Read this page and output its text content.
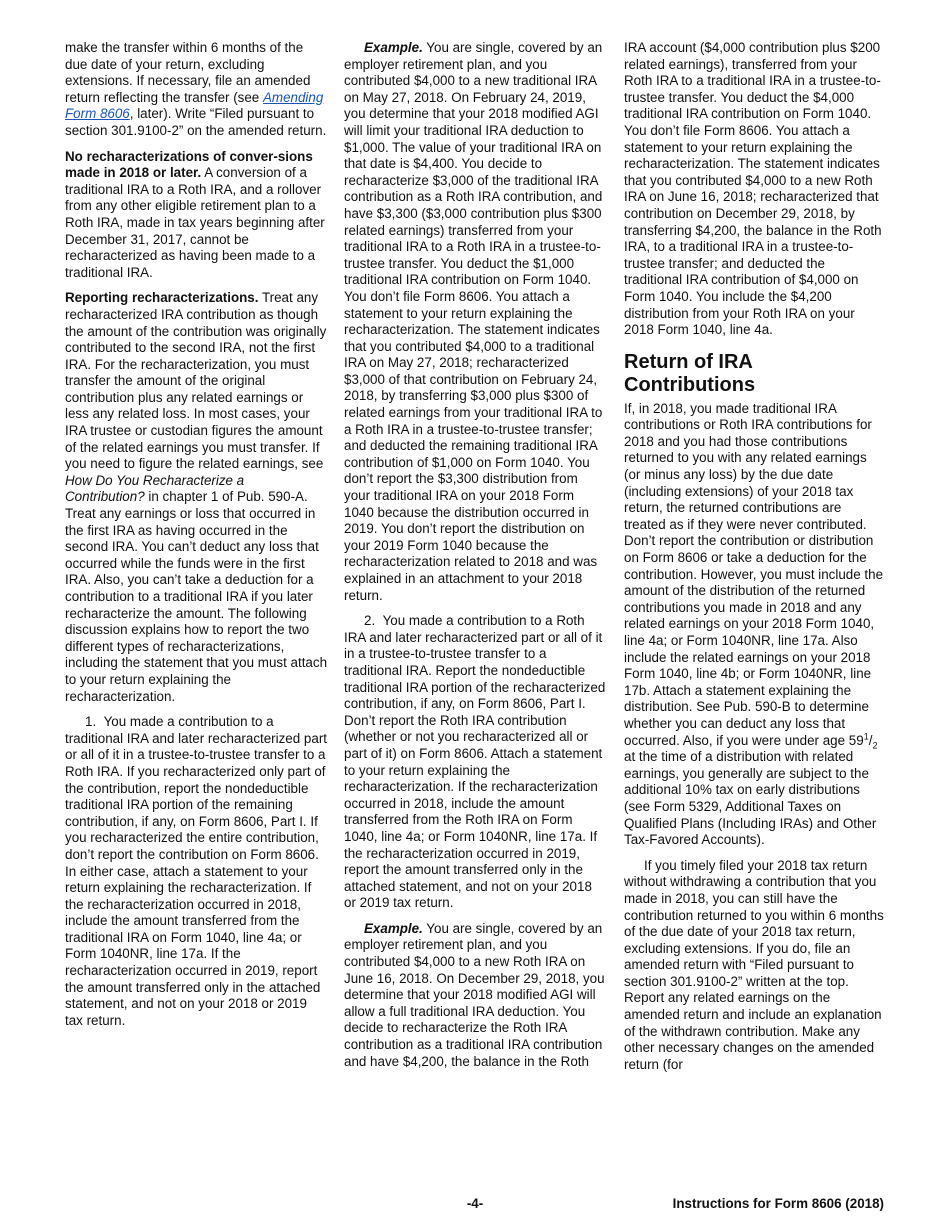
make the transfer within 6 months of the due date of your return, excluding extensions. If necessary, file an amended return reflecting the transfer (see Amending Form 8606, later). Write “Filed pursuant to section 301.9100-2” on the amended return.

No recharacterizations of conver-sions made in 2018 or later. A conversion of a traditional IRA to a Roth IRA, and a rollover from any other eligible retirement plan to a Roth IRA, made in tax years beginning after December 31, 2017, cannot be recharacterized as having been made to a traditional IRA.

Reporting recharacterizations. Treat any recharacterized IRA contribution as though the amount of the contribution was originally contributed to the second IRA, not the first IRA. For the recharacterization, you must transfer the amount of the original contribution plus any related earnings or less any related loss. In most cases, your IRA trustee or custodian figures the amount of the related earnings you must transfer. If you need to figure the related earnings, see How Do You Recharacterize a Contribution? in chapter 1 of Pub. 590-A. Treat any earnings or loss that occurred in the first IRA as having occurred in the second IRA. You can’t deduct any loss that occurred while the funds were in the first IRA. Also, you can’t take a deduction for a contribution to a traditional IRA if you later recharacterize the amount. The following discussion explains how to report the two different types of recharacterizations, including the statement that you must attach to your return explaining the recharacterization.

1.  You made a contribution to a traditional IRA and later recharacterized part or all of it in a trustee-to-trustee transfer to a Roth IRA. If you recharacterized only part of the contribution, report the nondeductible traditional IRA portion of the remaining contribution, if any, on Form 8606, Part I. If you recharacterized the entire contribution, don’t report the contribution on Form 8606. In either case, attach a statement to your return explaining the recharacterization. If the recharacterization occurred in 2018, include the amount transferred from the traditional IRA on Form 1040, line 4a; or Form 1040NR, line 17a. If the recharacterization occurred in 2019, report the amount transferred only in the attached statement, and not on your 2018 or 2019 tax return.

Example. You are single, covered by an employer retirement plan, and you contributed $4,000 to a new traditional IRA on May 27, 2018. On February 24, 2019, you determine that your 2018 modified AGI will limit your traditional IRA deduction to $1,000. The value of your traditional IRA on that date is $4,400. You decide to recharacterize $3,000 of the traditional IRA contribution as a Roth IRA contribution, and have $3,300 ($3,000 contribution plus $300 related earnings) transferred from your traditional IRA to a Roth IRA in a trustee-to-trustee transfer. You deduct the $1,000 traditional IRA contribution on Form 1040. You don’t file Form 8606. You attach a statement to your return explaining the recharacterization. The statement indicates that you contributed $4,000 to a traditional IRA on May 27, 2018; recharacterized $3,000 of that contribution on February 24, 2018, by transferring $3,000 plus $300 of related earnings from your traditional IRA to a Roth IRA in a trustee-to-trustee transfer; and deducted the remaining traditional IRA contribution of $1,000 on Form 1040. You don’t report the $3,300 distribution from your traditional IRA on your 2018 Form 1040 because the distribution occurred in 2019. You don’t report the distribution on your 2019 Form 1040 because the recharacterization related to 2018 and was explained in an attachment to your 2018 return.

2.  You made a contribution to a Roth IRA and later recharacterized part or all of it in a trustee-to-trustee transfer to a traditional IRA. Report the nondeductible traditional IRA portion of the recharacterized contribution, if any, on Form 8606, Part I. Don’t report the Roth IRA contribution (whether or not you recharacterized all or part of it) on Form 8606. Attach a statement to your return explaining the recharacterization. If the recharacterization occurred in 2018, include the amount transferred from the Roth IRA on Form 1040, line 4a; or Form 1040NR, line 17a. If the recharacterization occurred in 2019, report the amount transferred only in the attached statement, and not on your 2018 or 2019 tax return.

Example. You are single, covered by an employer retirement plan, and you contributed $4,000 to a new Roth IRA on June 16, 2018. On December 29, 2018, you determine that your 2018 modified AGI will allow a full traditional IRA deduction. You decide to recharacterize the Roth IRA contribution as a traditional IRA contribution and have $4,200, the balance in the Roth

IRA account ($4,000 contribution plus $200 related earnings), transferred from your Roth IRA to a traditional IRA in a trustee-to-trustee transfer. You deduct the $4,000 traditional IRA contribution on Form 1040. You don’t file Form 8606. You attach a statement to your return explaining the recharacterization. The statement indicates that you contributed $4,000 to a new Roth IRA on June 16, 2018; recharacterized that contribution on December 29, 2018, by transferring $4,200, the balance in the Roth IRA, to a traditional IRA in a trustee-to-trustee transfer; and deducted the traditional IRA contribution of $4,000 on Form 1040. You include the $4,200 distribution from your Roth IRA on your 2018 Form 1040, line 4a.

Return of IRA Contributions

If, in 2018, you made traditional IRA contributions or Roth IRA contributions for 2018 and you had those contributions returned to you with any related earnings (or minus any loss) by the due date (including extensions) of your 2018 tax return, the returned contributions are treated as if they were never contributed. Don’t report the contribution or distribution on Form 8606 or take a deduction for the contribution. However, you must include the amount of the distribution of the returned contributions you made in 2018 and any related earnings on your 2018 Form 1040, line 4a; or Form 1040NR, line 17a. Also include the related earnings on your 2018 Form 1040, line 4b; or Form 1040NR, line 17b. Attach a statement explaining the distribution. See Pub. 590-B to determine whether you can deduct any loss that occurred. Also, if you were under age $59^1/_2$ at the time of a distribution with related earnings, you generally are subject to the additional 10% tax on early distributions (see Form 5329, Additional Taxes on Qualified Plans (Including IRAs) and Other Tax-Favored Accounts).

If you timely filed your 2018 tax return without withdrawing a contribution that you made in 2018, you can still have the contribution returned to you within 6 months of the due date of your 2018 tax return, excluding extensions. If you do, file an amended return with “Filed pursuant to section 301.9100-2” written at the top. Report any related earnings on the amended return and include an explanation of the withdrawn contribution. Make any other necessary changes on the amended return (for

-4-	Instructions for Form 8606 (2018)
